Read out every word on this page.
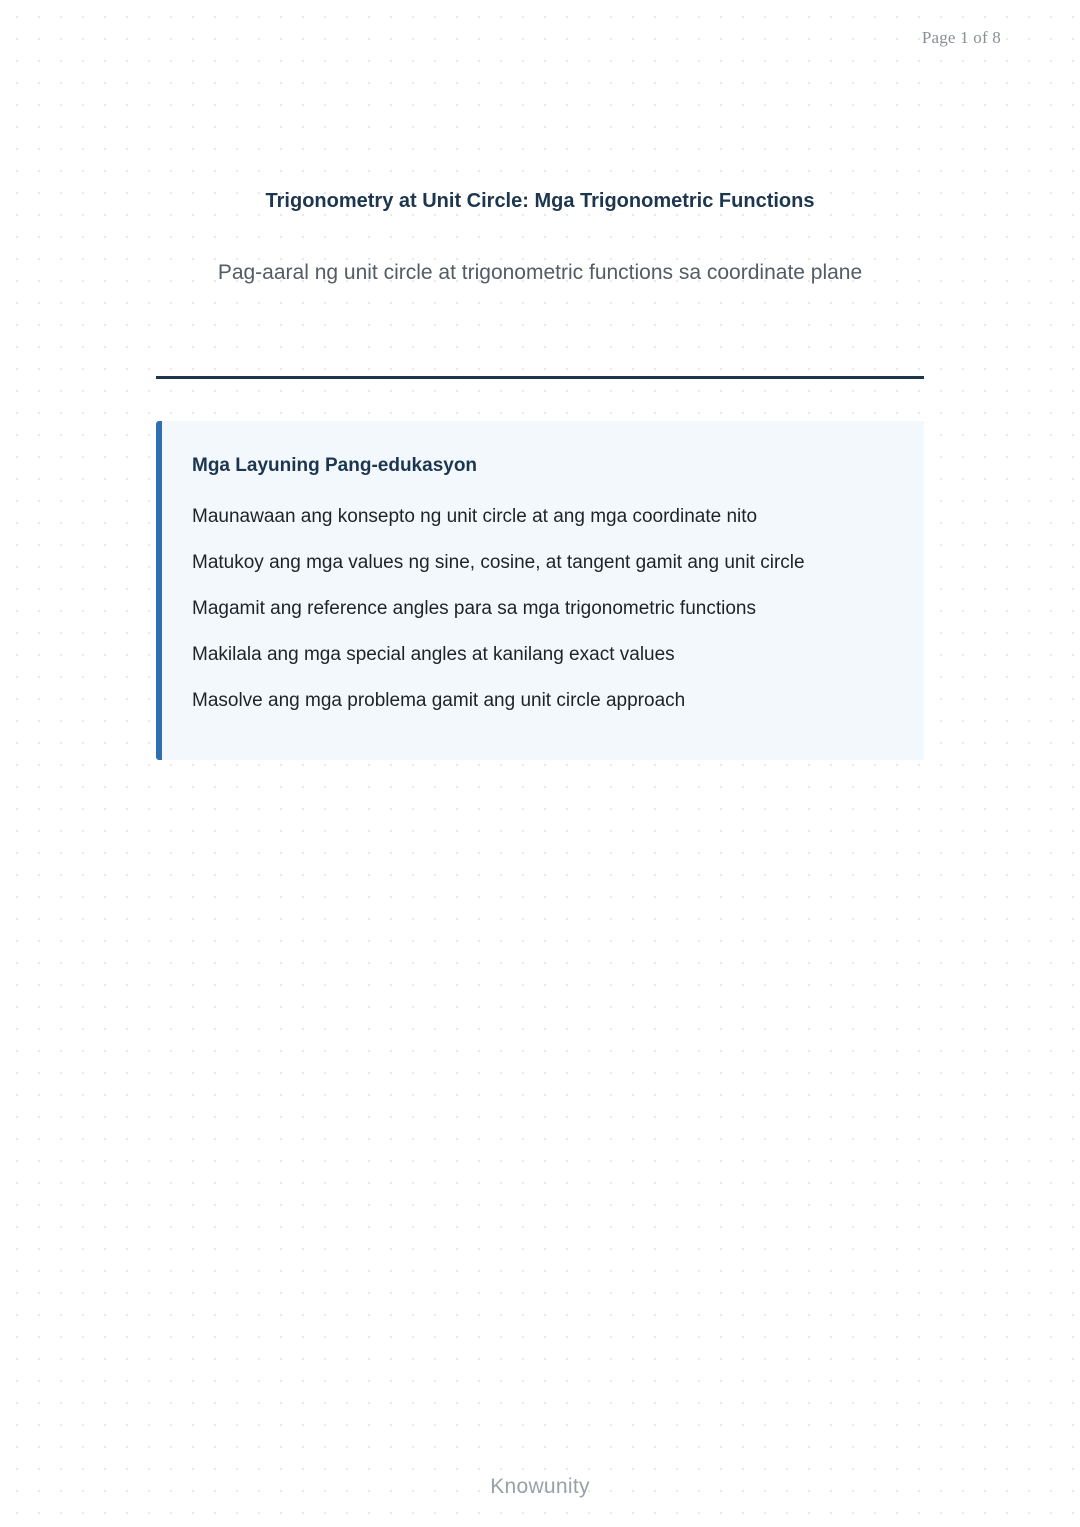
Page 1 of 8
Trigonometry at Unit Circle: Mga Trigonometric Functions
Pag-aaral ng unit circle at trigonometric functions sa coordinate plane
Mga Layuning Pang-edukasyon
Maunawaan ang konsepto ng unit circle at ang mga coordinate nito
Matukoy ang mga values ng sine, cosine, at tangent gamit ang unit circle
Magamit ang reference angles para sa mga trigonometric functions
Makilala ang mga special angles at kanilang exact values
Masolve ang mga problema gamit ang unit circle approach
Knowunity
